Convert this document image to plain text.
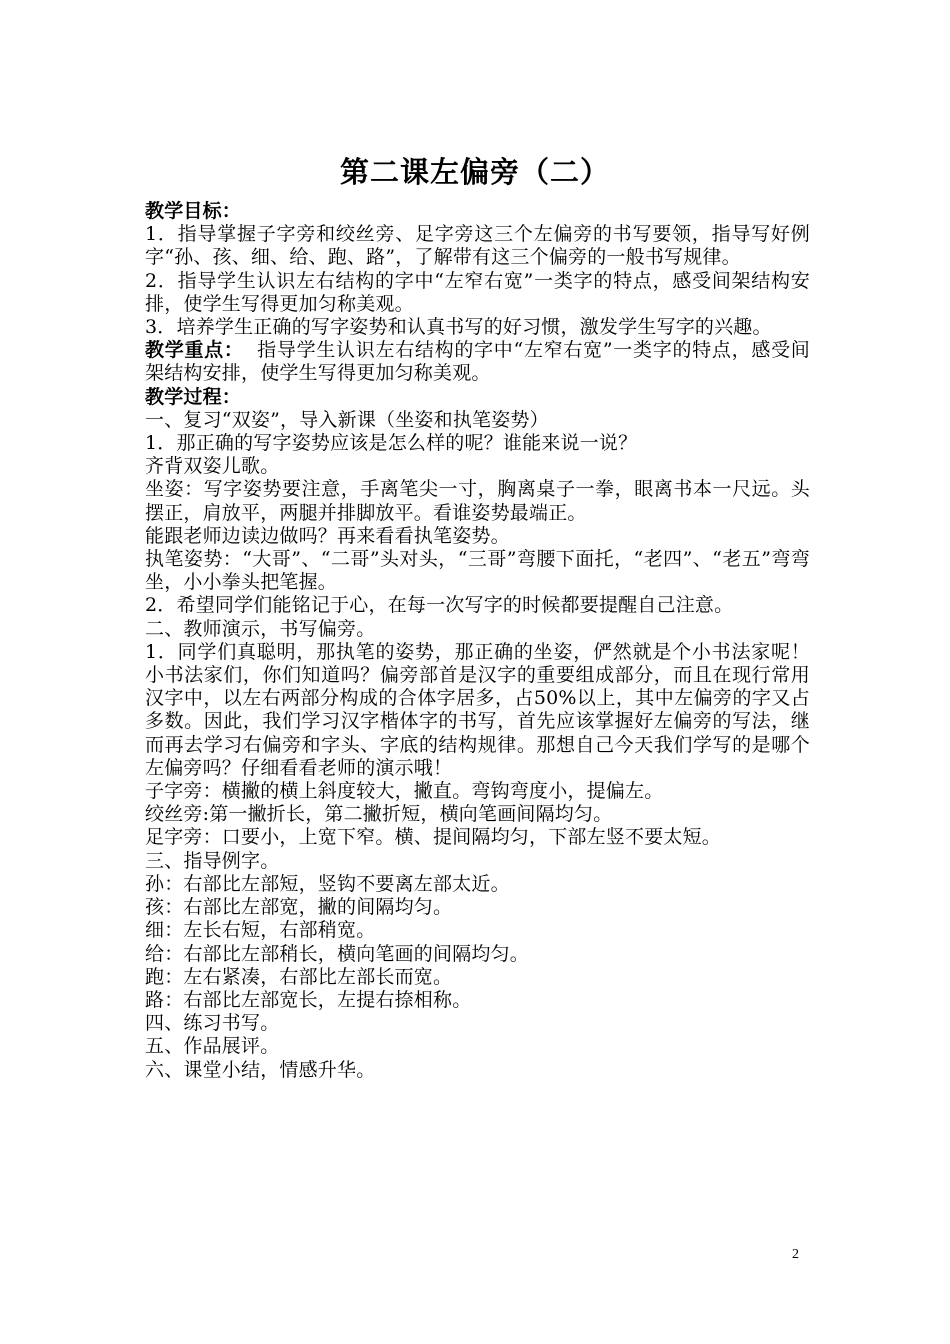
第二课左偏旁（二）

教学目标：

1．指导掌握子字旁和绞丝旁、足字旁这三个左偏旁的书写要领，指导写好例字“孙、孩、细、给、跑、路”，了解带有这三个偏旁的一般书写规律。

2．指导学生认识左右结构的字中“左窄右宽”一类字的特点，感受间架结构安排，使学生写得更加匀称美观。

3．培养学生正确的写字姿势和认真书写的好习惯，激发学生写字的兴趣。

教学重点：  指导学生认识左右结构的字中“左窄右宽”一类字的特点，感受间架结构安排，使学生写得更加匀称美观。

教学过程：

一、复习“双姿”，导入新课（坐姿和执笔姿势）

1．那正确的写字姿势应该是怎么样的呢？谁能来说一说？

齐背双姿儿歌。

坐姿：写字姿势要注意，手离笔尖一寸，胸离桌子一拳，眼离书本一尺远。头摆正，肩放平，两腿并排脚放平。看谁姿势最端正。

能跟老师边读边做吗？再来看看执笔姿势。

执笔姿势：“大哥”、“二哥”头对头，“三哥”弯腰下面托，“老四”、“老五”弯弯坐，小小拳头把笔握。

2．希望同学们能铭记于心，在每一次写字的时候都要提醒自己注意。

二、教师演示，书写偏旁。

1．同学们真聪明，那执笔的姿势，那正确的坐姿，俨然就是个小书法家呢！小书法家们，你们知道吗？偏旁部首是汉字的重要组成部分，而且在现行常用汉字中，以左右两部分构成的合体字居多，占50%以上，其中左偏旁的字又占多数。因此，我们学习汉字楷体字的书写，首先应该掌握好左偏旁的写法，继而再去学习右偏旁和字头、字底的结构规律。那想自己今天我们学写的是哪个左偏旁吗？仔细看看老师的演示哦！

子字旁：横撇的横上斜度较大，撇直。弯钩弯度小，提偏左。

绞丝旁:第一撇折长，第二撇折短，横向笔画间隔均匀。

足字旁：口要小，上宽下窄。横、提间隔均匀，下部左竖不要太短。

三、指导例字。

孙：右部比左部短，竖钩不要离左部太近。

孩：右部比左部宽，撇的间隔均匀。

细：左长右短，右部稍宽。

给：右部比左部稍长，横向笔画的间隔均匀。

跑：左右紧凑，右部比左部长而宽。

路：右部比左部宽长，左提右捺相称。

四、练习书写。

五、作品展评。

六、课堂小结，情感升华。

2
